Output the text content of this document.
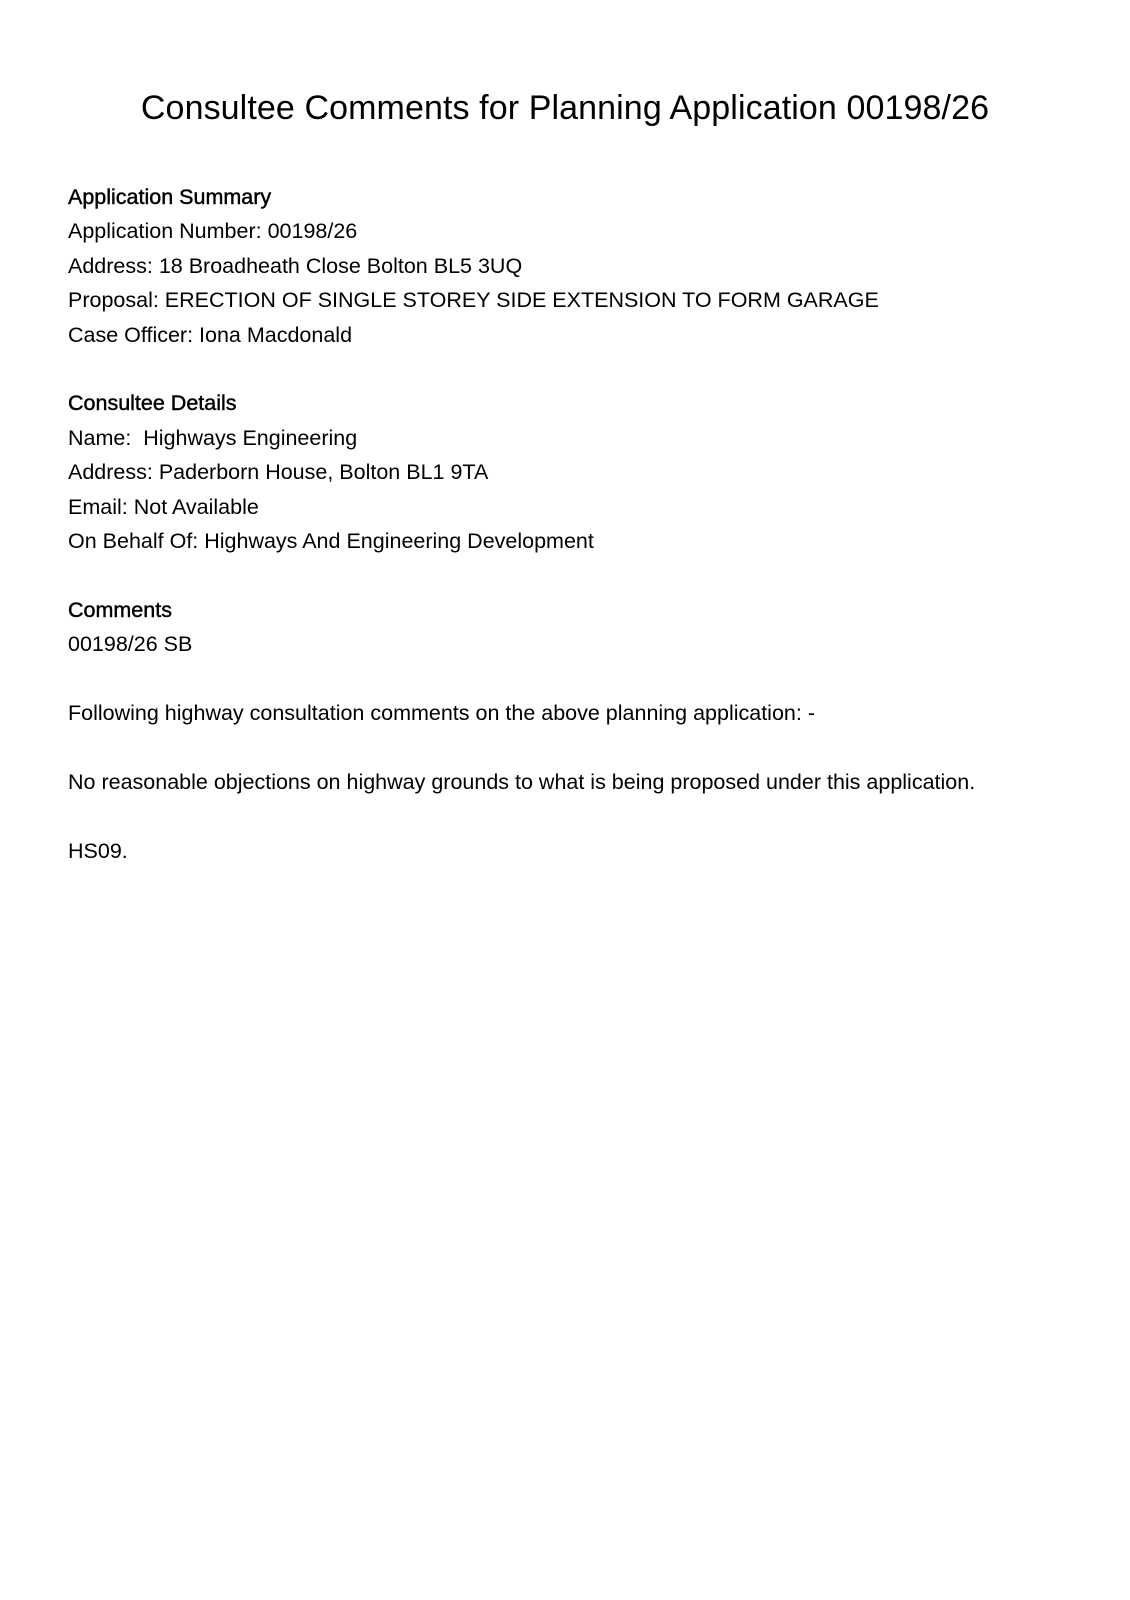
Consultee Comments for Planning Application 00198/26

Application Summary

Application Number: 00198/26

Address: 18 Broadheath Close Bolton BL5 3UQ

Proposal: ERECTION OF SINGLE STOREY SIDE EXTENSION TO FORM GARAGE

Case Officer: Iona Macdonald

Consultee Details

Name:  Highways Engineering

Address: Paderborn House, Bolton BL1 9TA

Email: Not Available

On Behalf Of: Highways And Engineering Development

Comments

00198/26 SB

Following highway consultation comments on the above planning application: -

No reasonable objections on highway grounds to what is being proposed under this application.

HS09.
